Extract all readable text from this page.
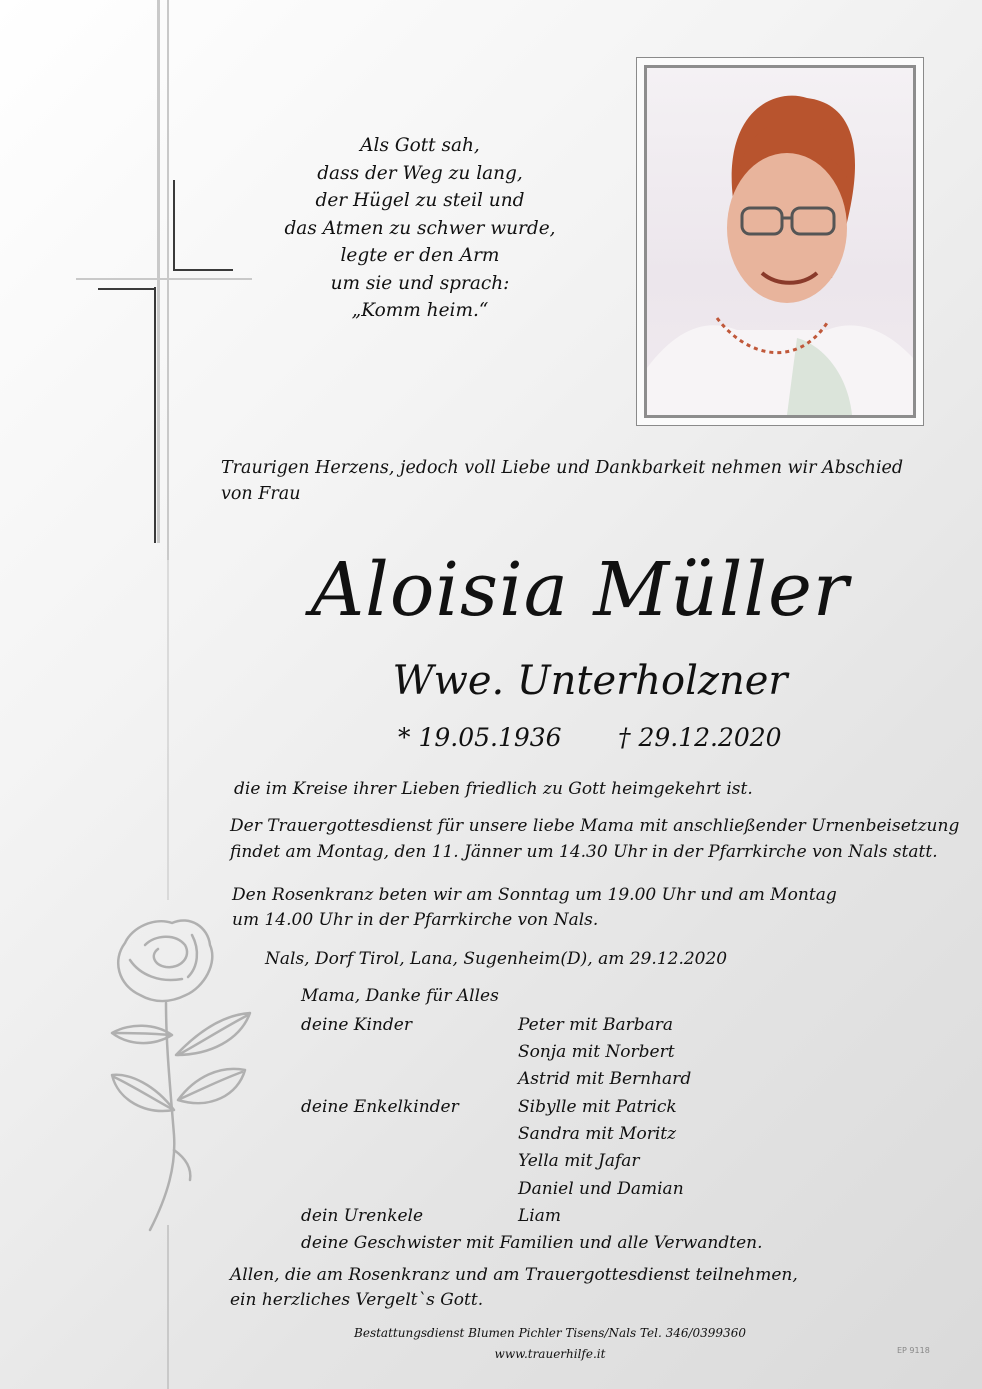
Als Gott sah,
dass der Weg zu lang,
der Hügel zu steil und
das Atmen zu schwer wurde,
legte er den Arm
um sie und sprach:
„Komm heim.“
Traurigen Herzens, jedoch voll Liebe und Dankbarkeit nehmen wir Abschied von Frau
Aloisia Müller
Wwe. Unterholzner
* 19.05.1936 † 29.12.2020
die im Kreise ihrer Lieben friedlich zu Gott heimgekehrt ist.
Der Trauergottesdienst für unsere liebe Mama mit anschließender Urnenbeisetzung
findet am Montag, den 11. Jänner um 14.30 Uhr in der Pfarrkirche von Nals statt.
Den Rosenkranz beten wir am Sonntag um 19.00 Uhr und am Montag
um 14.00 Uhr in der Pfarrkirche von Nals.
Nals, Dorf Tirol, Lana, Sugenheim(D), am 29.12.2020
Mama, Danke für Alles
deine Kinder	Peter mit Barbara
Sonja mit Norbert
Astrid mit Bernhard
deine Enkelkinder	Sibylle mit Patrick
Sandra mit Moritz
Yella mit Jafar
Daniel und Damian
dein Urenkele	Liam
deine Geschwister mit Familien und alle Verwandten.
Allen, die am Rosenkranz und am Trauergottesdienst teilnehmen,
ein herzliches Vergelt`s Gott.
Bestattungsdienst Blumen Pichler Tisens/Nals Tel. 346/0399360
www.trauerhilfe.it	EP 9118
